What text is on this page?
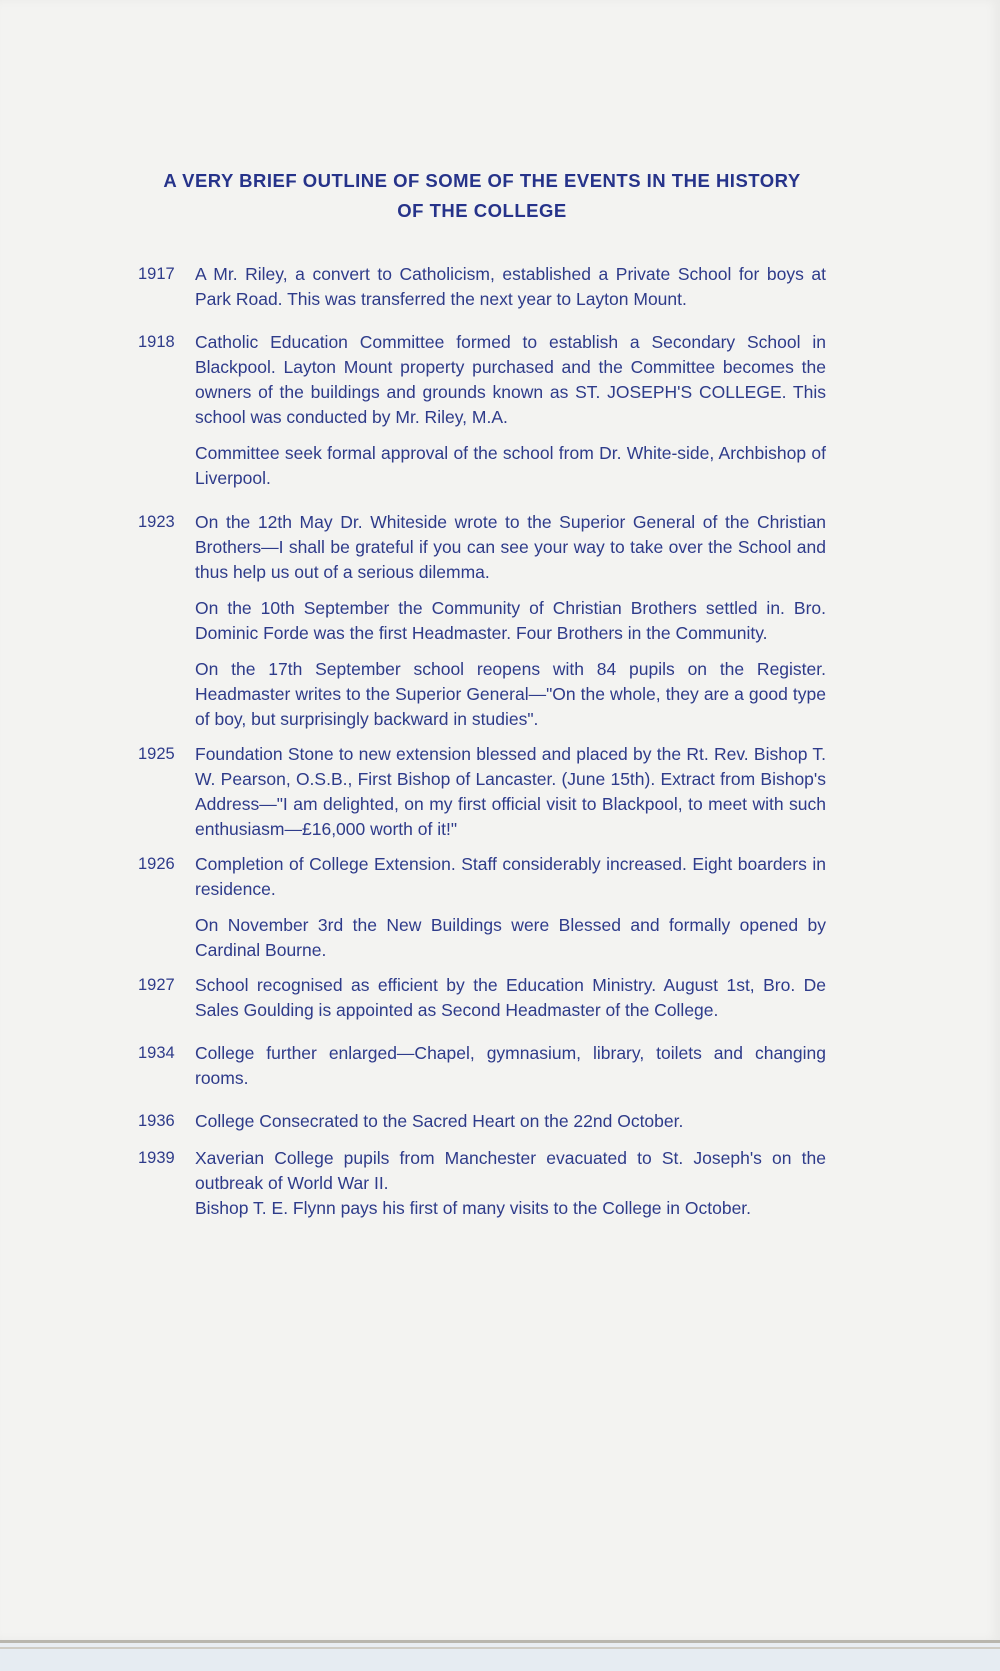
A VERY BRIEF OUTLINE OF SOME OF THE EVENTS IN THE HISTORY
OF THE COLLEGE
1917 A Mr. Riley, a convert to Catholicism, established a Private School for boys at Park Road. This was transferred the next year to Layton Mount.
1918 Catholic Education Committee formed to establish a Secondary School in Blackpool. Layton Mount property purchased and the Committee becomes the owners of the buildings and grounds known as ST. JOSEPH'S COLLEGE. This school was conducted by Mr. Riley, M.A.
Committee seek formal approval of the school from Dr. White-side, Archbishop of Liverpool.
1923 On the 12th May Dr. Whiteside wrote to the Superior General of the Christian Brothers—I shall be grateful if you can see your way to take over the School and thus help us out of a serious dilemma.
On the 10th September the Community of Christian Brothers settled in. Bro. Dominic Forde was the first Headmaster. Four Brothers in the Community.
On the 17th September school reopens with 84 pupils on the Register. Headmaster writes to the Superior General—"On the whole, they are a good type of boy, but surprisingly backward in studies".
1925 Foundation Stone to new extension blessed and placed by the Rt. Rev. Bishop T. W. Pearson, O.S.B., First Bishop of Lancaster. (June 15th). Extract from Bishop's Address—"I am delighted, on my first official visit to Blackpool, to meet with such enthusiasm—£16,000 worth of it!"
1926 Completion of College Extension. Staff considerably increased. Eight boarders in residence.
On November 3rd the New Buildings were Blessed and formally opened by Cardinal Bourne.
1927 School recognised as efficient by the Education Ministry. August 1st, Bro. De Sales Goulding is appointed as Second Headmaster of the College.
1934 College further enlarged—Chapel, gymnasium, library, toilets and changing rooms.
1936 College Consecrated to the Sacred Heart on the 22nd October.
1939 Xaverian College pupils from Manchester evacuated to St. Joseph's on the outbreak of World War II.
Bishop T. E. Flynn pays his first of many visits to the College in October.
